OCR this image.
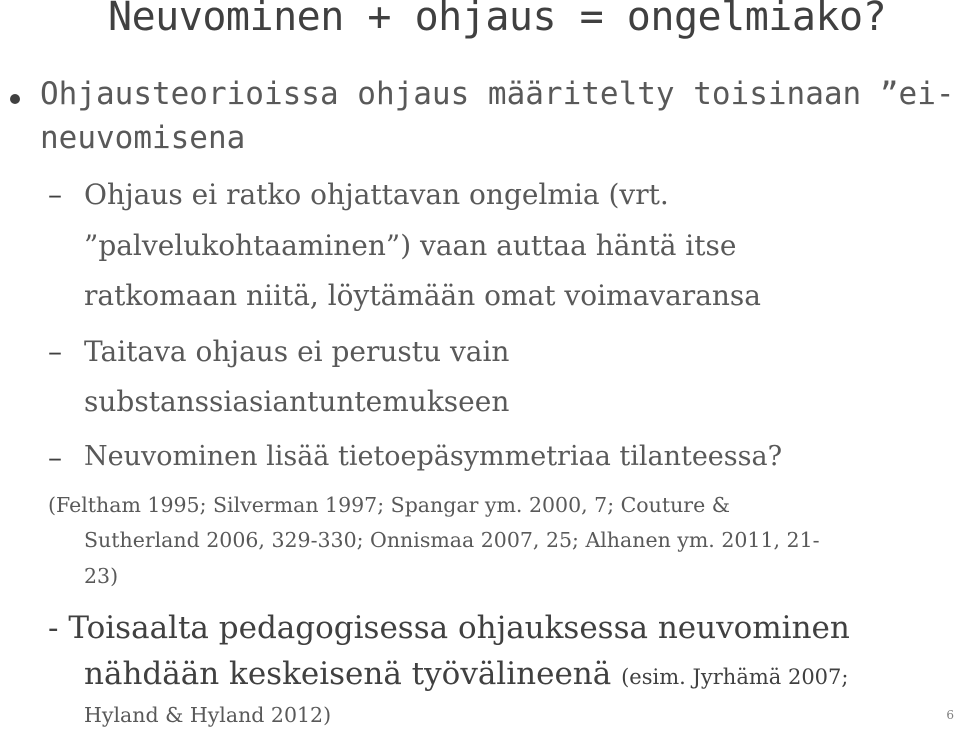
Neuvominen + ohjaus = ongelmiako?
Ohjausteorioissa ohjaus määritelty toisinaan ”ei-
neuvomisena
– Ohjaus ei ratko ohjattavan ongelmia (vrt.
”palvelukohtaaminen”) vaan auttaa häntä itse
ratkomaan niitä, löytämään omat voimavaransa
– Taitava ohjaus ei perustu vain
substanssiasiantuntemukseen
– Neuvominen lisää tietoepäsymmetriaa tilanteessa?
(Feltham 1995; Silverman 1997; Spangar ym. 2000, 7; Couture &
Sutherland 2006, 329-330; Onnismaa 2007, 25; Alhanen ym. 2011, 21-
23)
- Toisaalta pedagogisessa ohjauksessa neuvominen
nähdään keskeisenä työvälineenä (esim. Jyrhämä 2007;
Hyland & Hyland 2012)	6
